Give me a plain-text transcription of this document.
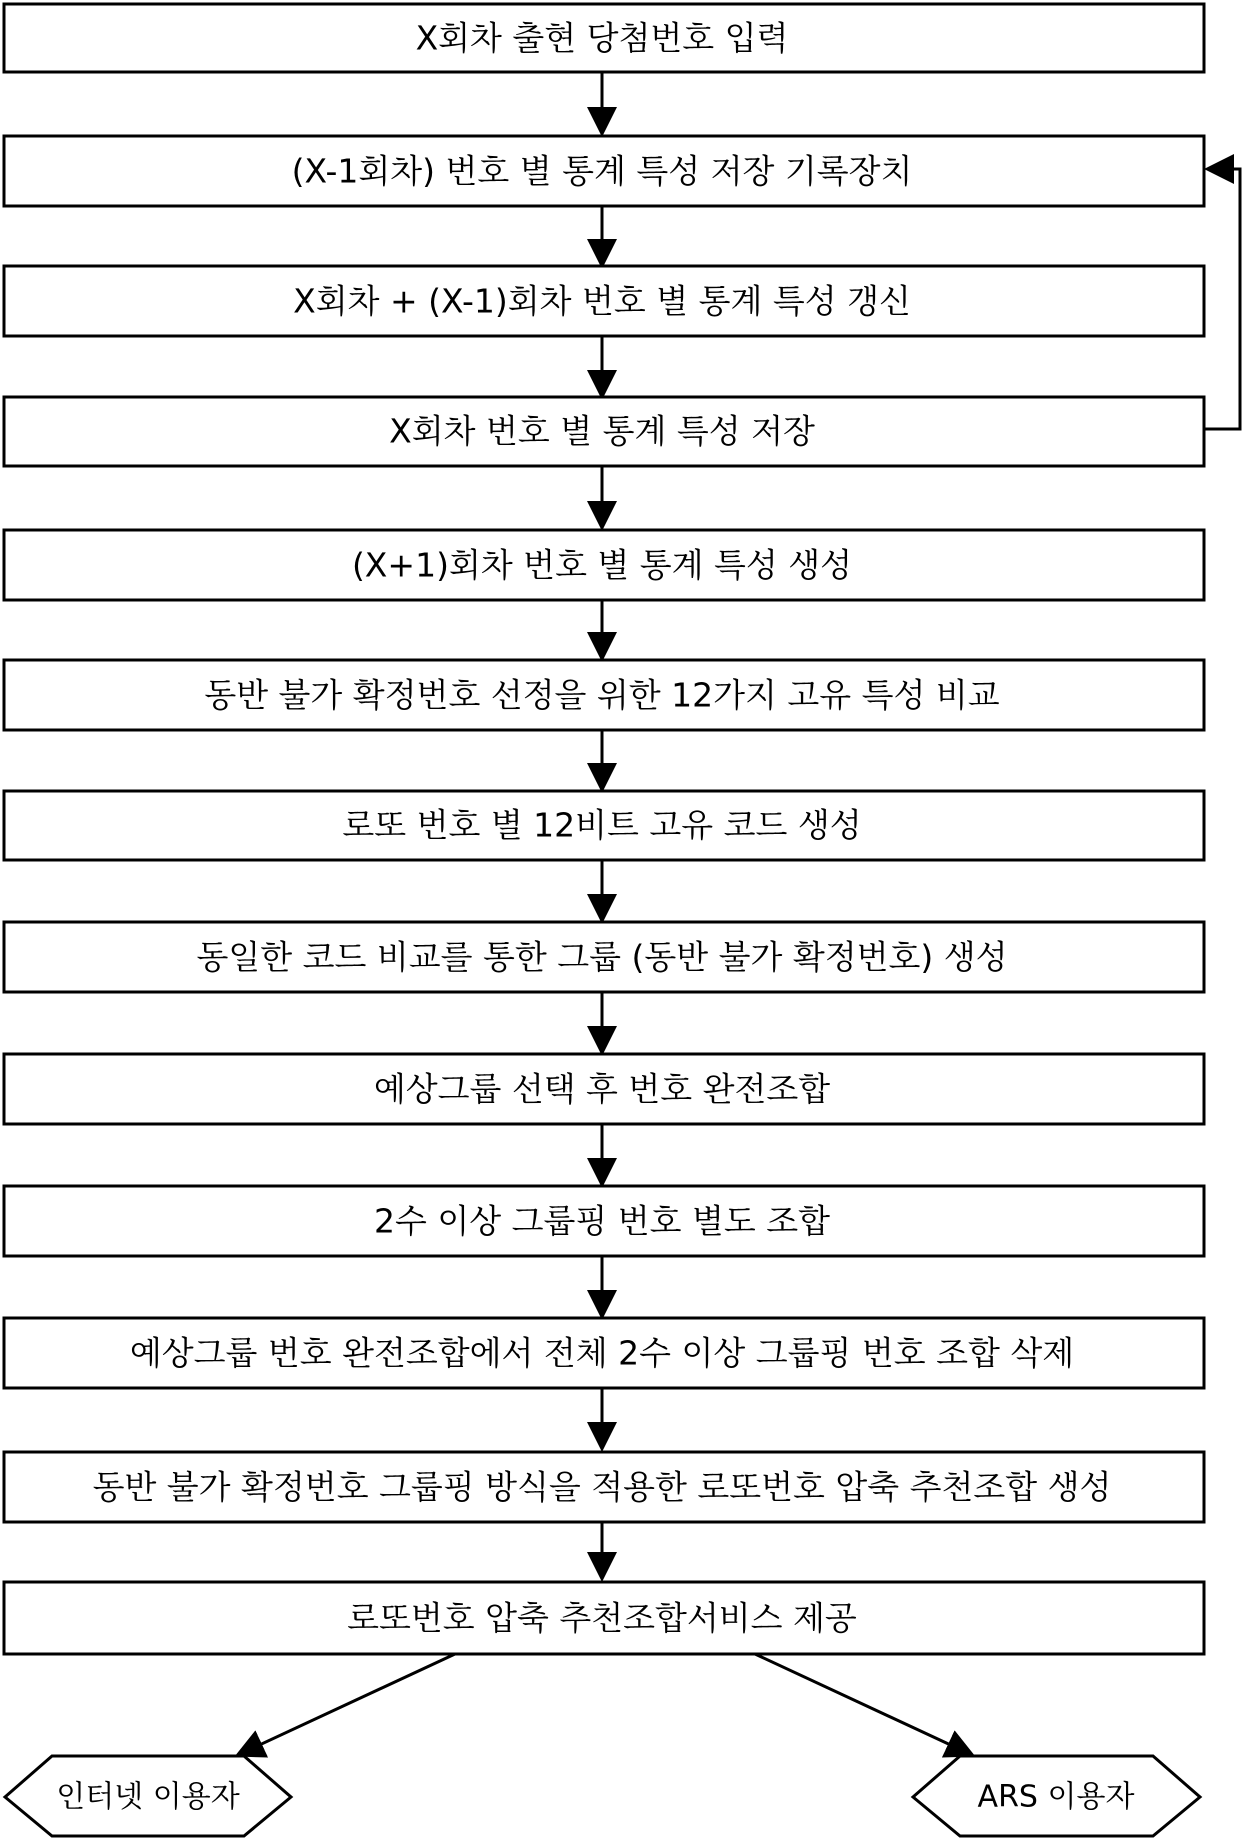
X회차 출현 당첨번호 입력
(X-1회차) 번호 별 통계 특성 저장 기록장치
X회차 + (X-1)회차 번호 별 통계 특성 갱신
X회차 번호 별 통계 특성 저장
(X+1)회차 번호 별 통계 특성 생성
동반 불가 확정번호 선정을 위한 12가지 고유 특성 비교
로또 번호 별 12비트 고유 코드 생성
동일한 코드 비교를 통한 그룹 (동반 불가 확정번호) 생성
예상그룹 선택 후 번호 완전조합
2수 이상 그룹핑 번호 별도 조합
예상그룹 번호 완전조합에서 전체 2수 이상 그룹핑 번호 조합 삭제
동반 불가 확정번호 그룹핑 방식을 적용한 로또번호 압축 추천조합 생성
로또번호 압축 추천조합서비스 제공
인터넷 이용자	ARS 이용자
